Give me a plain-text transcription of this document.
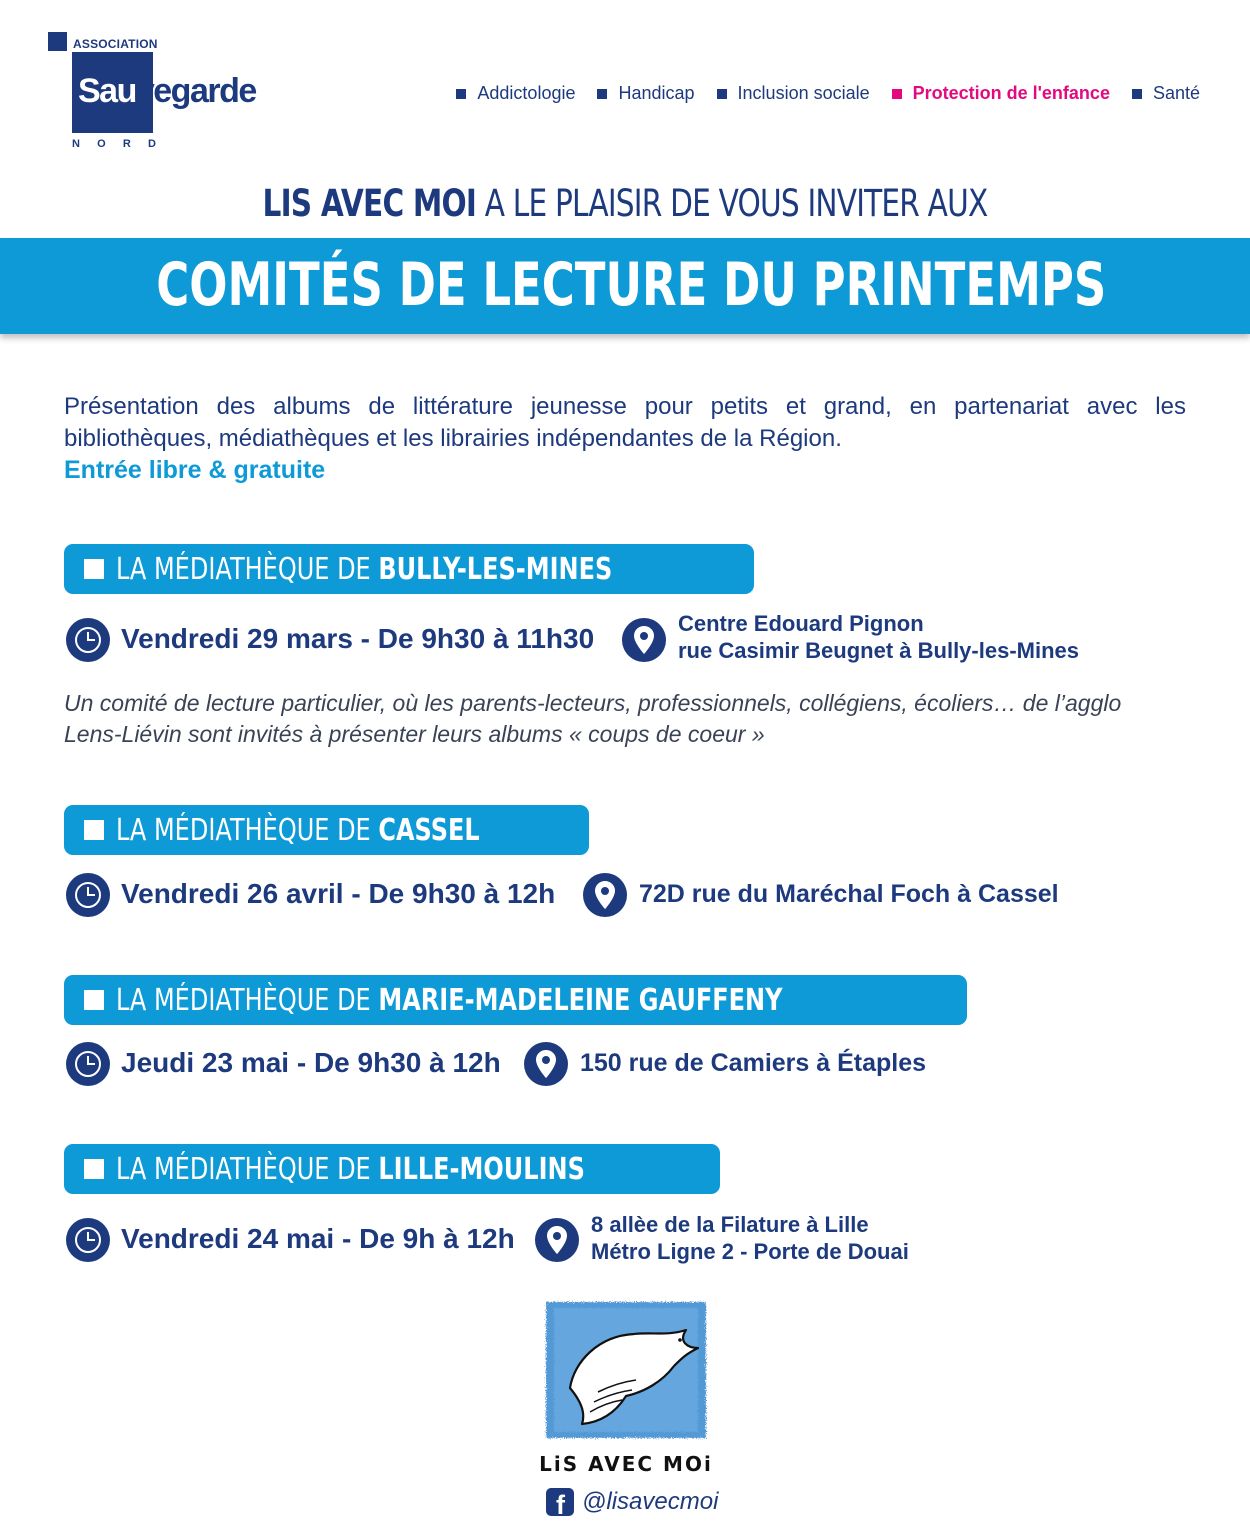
ASSOCIATION
Sauvegarde
N O R D
Addictologie Handicap Inclusion sociale Protection de l'enfance Santé
LIS AVEC MOI A LE PLAISIR DE VOUS INVITER AUX
COMITÉS DE LECTURE DU PRINTEMPS

Présentation des albums de littérature jeunesse pour petits et grand, en partenariat avec les bibliothèques, médiathèques et les librairies indépendantes de la Région.

Entrée libre & gratuite
LA MÉDIATHÈQUE DE BULLY-LES-MINES
Vendredi 29 mars - De 9h30 à 11h30	Centre Edouard Pignon
rue Casimir Beugnet à Bully-les-Mines

Un comité de lecture particulier, où les parents-lecteurs, professionnels, collégiens, écoliers… de l’agglo Lens-Liévin sont invités à présenter leurs albums « coups de coeur »

LA MÉDIATHÈQUE DE CASSEL
Vendredi 26 avril - De 9h30 à 12h	72D rue du Maréchal Foch à Cassel
LA MÉDIATHÈQUE DE MARIE-MADELEINE GAUFFENY
Jeudi 23 mai - De 9h30 à 12h	150 rue de Camiers à Étaples
LA MÉDIATHÈQUE DE LILLE-MOULINS
Vendredi 24 mai - De 9h à 12h	8 allèe de la Filature à Lille
Métro Ligne 2 - Porte de Douai
LiS AVEC MOi
f @lisavecmoi
